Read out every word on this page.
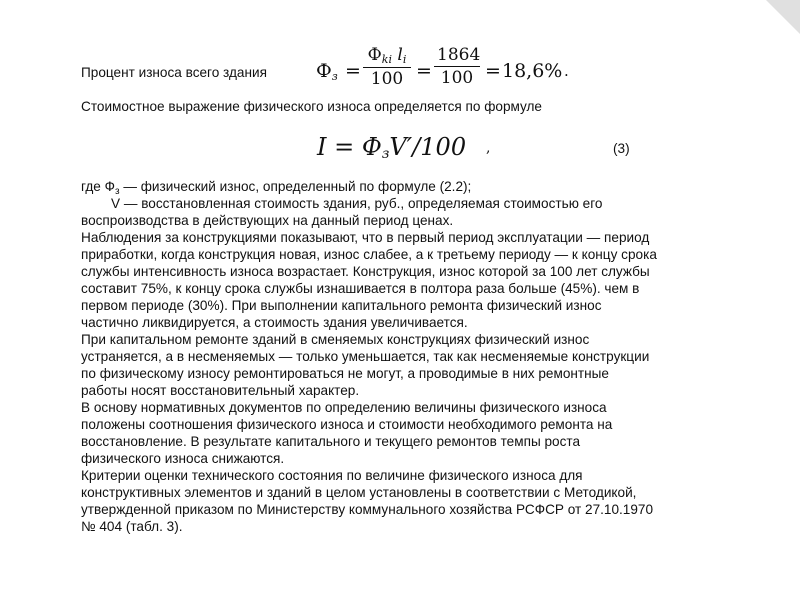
Процент износа всего здания	$Ф_з$ =
$Ф_{ki}$ $l_i$
$100 = \frac{1864}{100} = 18,6\%$ .
Стоимостное выражение физического износа определяется по формуле
$I = Ф_зV'/100$ ,	(3)
где $Ф_з$ — физический износ, определенный по формуле (2.2);
V — восстановленная стоимость здания, руб., определяемая стоимостью его
воспроизводства в действующих на данный период ценах.
Наблюдения за конструкциями показывают, что в первый период эксплуатации — период
приработки, когда конструкция новая, износ слабее, а к третьему периоду — к концу срока
службы интенсивность износа возрастает. Конструкция, износ которой за 100 лет службы
составит 75%, к концу срока службы изнашивается в полтора раза больше (45%). чем в
первом периоде (30%). При выполнении капитального ремонта физический износ
частично ликвидируется, а стоимость здания увеличивается.
При капитальном ремонте зданий в сменяемых конструкциях физический износ
устраняется, а в несменяемых — только уменьшается, так как несменяемые конструкции
по физическому износу ремонтироваться не могут, а проводимые в них ремонтные
работы носят восстановительный характер.
В основу нормативных документов по определению величины физического износа
положены соотношения физического износа и стоимости необходимого ремонта на
восстановление. В результате капитального и текущего ремонтов темпы роста
физического износа снижаются.
Критерии оценки технического состояния по величине физического износа для
конструктивных элементов и зданий в целом установлены в соответствии с Методикой,
утвержденной приказом по Министерству коммунального хозяйства РСФСР от 27.10.1970
№ 404 (табл. 3).
